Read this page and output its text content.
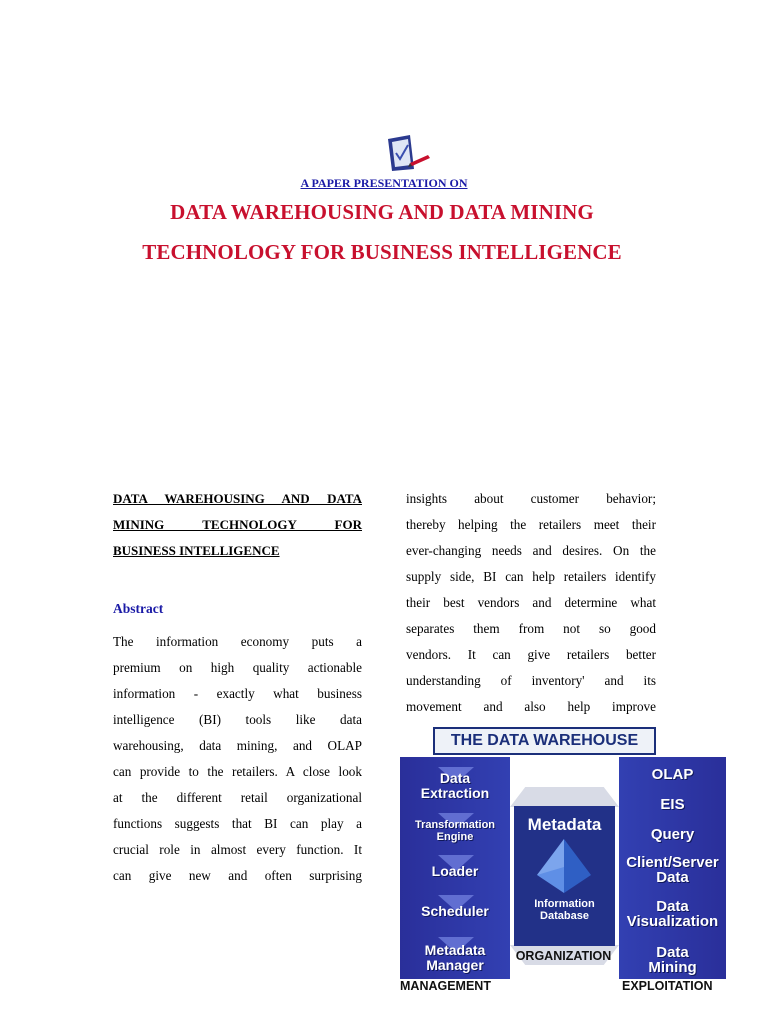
A PAPER PRESENTATION ON
DATA WAREHOUSING AND DATA MINING
TECHNOLOGY FOR BUSINESS INTELLIGENCE
DATA WAREHOUSING AND DATA
MINING TECHNOLOGY FOR
BUSINESS INTELLIGENCE
Abstract
The information economy puts a
premium on high quality actionable
information - exactly what business
intelligence (BI) tools like data
warehousing, data mining, and OLAP
can provide to the retailers. A close look
at the different retail organizational
functions suggests that BI can play a
crucial role in almost every function. It
can give new and often surprising
insights about customer behavior;
thereby helping the retailers meet their
ever-changing needs and desires. On the
supply side, BI can help retailers identify
their best vendors and determine what
separates them from not so good
vendors. It can give retailers better
understanding of inventory' and its
movement and also help improve
THE DATA WAREHOUSE
Data Extraction
Transformation Engine
Loader
Scheduler
Metadata Manager
OLAP
EIS
Query
Client/Server Data
Data Visualization
Data Mining
Metadata
Information Database
ORGANIZATION
MANAGEMENT	EXPLOITATION
